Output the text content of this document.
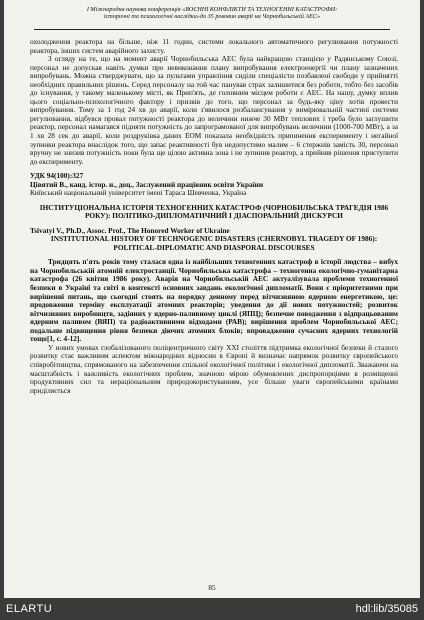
І Міжнародна наукова конференція «ВОЄННІ КОНФЛІКТИ ТА ТЕХНОГЕННІ КАТАСТРОФИ:
історичні та психологічні наслідки»до 35 роковин аварії на Чорнобильській АЕС»

охолодження реактора на більше, ніж 11 годин, системи локального автоматичного регулювання потужності реактора, інших систем аварійного захисту.

З огляду на те, що на момент аварії Чорнобильська АЕС була найкращою станцією у Радянському Союзі, персонал не допускав навіть думки про невиконання плану випробування електроенергії чи плану зазначених випробувань. Можна стверджувати, що за пультами управління сиділи спеціалісти позбавлені свободи у прийнятті необхідних правильних рішень. Серед персоналу на той час панував страх залишитися без роботи, тобто без засобів до існування, у такому маленькому місті, як Прип'ять, де головним місцем роботи є АЕС. На нашу, думку вплив цього соціально-психологічного фактору і призвів до того, що персонал за будь-яку ціну хотів провести випробування. Тому за 1 год 24 хв до аварії, коли з'явилося розбалансування у вимірювальній частині системи регулювання, відбувся провал потужності реактора до величини нижче 30 МВт теплових і треба було заглушити реактор, персонал намагався підняти потужність до запрограмованої для випробувань величини (1000-700 МВт), а за 1 хв 28 сек до аварії, коли роздруківка даних ЕОМ показала необхідність припинення експерименту і негайної зупинки реактора внаслідок того, що запас реактивності був недопустимо малим – 6 стержнів замість 30, персонал вручну не знизив потужність поки була ще цілою активна зона і не зупинив реактор, а прийняв рішення приступити до експерименту.

УДК 94(100):327

Цівятий В., канд. істор. н., доц., Заслужений працівник освіти України

Київський національний університет імені Тараса Шевченка, Україна

ІНСТИТУЦІОНАЛЬНА ІСТОРІЯ ТЕХНОГЕННИХ КАТАСТРОФ (ЧОРНОБИЛЬСЬКА ТРАГЕДІЯ 1986 РОКУ): ПОЛІТИКО-ДИПЛОМАТИЧНИЙ І ДІАСПОРАЛЬНИЙ ДИСКУРСИ

Tsivatyi V., Ph.D., Assoc. Prof., The Honored Worker of Ukraine

INSTITUTIONAL HISTORY OF TECHNOGENIC DISASTERS (CHERNOBYL TRAGEDY OF 1986): POLITICAL-DIPLOMATIC AND DIASPORAL DISCOURSES

Тридцять п'ять років тому сталася одна із найбільших техногенних катастроф в історії людства – вибух на Чорнобильській атомній електростанції. Чорнобильська катастрофа – техногенна екологічно-гуманітарна катастрофа (26 квітня 1986 року). Аварія на Чорнобильській АЕС актуалізувала проблеми техногенної безпеки в Україні та світі в контексті основних завдань екологічної дипломатії. Вони є пріоритетними при вирішенні питань, що сьогодні стоять на порядку денному перед вітчизняною ядерною енергетикою, це: продовження терміну експлуатації атомних реакторів; уведення до дії нових потужностей; розвиток вітчизняних виробництв, задіяних у ядерно-паливному циклі (ЯПЦ); безпечне поводження з відпрацьованим ядерним паливом (ВЯП) та радіоактивними відходами (РАВ); вирішення проблем Чорнобильської АЕС; подальше підвищення рівня безпеки діючих атомних блоків; впровадження сучасних ядерних технологій тощо[1, с. 4-12].

У нових умовах глобалізованого поліцентричного світу ХХІ століття підтримка екологічної безпеки й сталого розвитку стає важливим аспектом міжнародних відносин в Європі й визначає напрямок розвитку європейського співробітництва, спрямованого на забезпечення спільної екологічної політики і екологічної дипломатії. Зважаючи на масштабність і важливість екологічних проблем, значною мірою обумовлених диспропорціями в розміщенні продуктивних сил та нераціональним природокористуванням, усе більше уваги європейськими країнами приділяється

85
ELARTU	hdl:lib/35085
